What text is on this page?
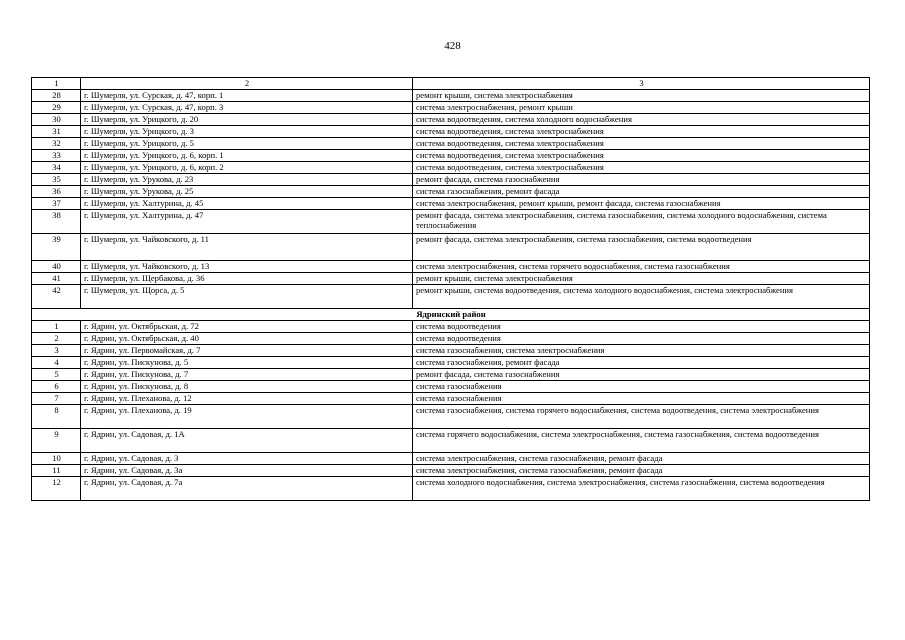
428
1	2	3
28	г. Шумерля, ул. Сурская, д. 47, корп. 1	ремонт крыши, система электроснабжения
29	г. Шумерля, ул. Сурская, д. 47, корп. 3	система электроснабжения, ремонт крыши
30	г. Шумерля, ул. Урицкого, д. 20	система водоотведения, система холодного водоснабжения
31	г. Шумерля, ул. Урицкого, д. 3	система водоотведения, система электроснабжения
32	г. Шумерля, ул. Урицкого, д. 5	система водоотведения, система электроснабжения
33	г. Шумерля, ул. Урицкого, д. 6, корп. 1	система водоотведения, система электроснабжения
34	г. Шумерля, ул. Урицкого, д. 6, корп. 2	система водоотведения, система электроснабжения
35	г. Шумерля, ул. Урукова, д. 23	ремонт фасада, система газоснабжения
36	г. Шумерля, ул. Урукова, д. 25	система газоснабжения, ремонт фасада
37	г. Шумерля, ул. Халтурина, д. 45	система электроснабжения, ремонт крыши, ремонт фасада, система газоснабжения
38	г. Шумерля, ул. Халтурина, д. 47	ремонт фасада, система электроснабжения, система газоснабжения, система холодного водоснабжения, система теплоснабжения
39	г. Шумерля, ул. Чайковского, д. 11	ремонт фасада, система электроснабжения, система газоснабжения, система водоотведения
40	г. Шумерля, ул. Чайковского, д. 13	система электроснабжения, система горячего водоснабжения, система газоснабжения
41	г. Шумерля, ул. Щербакова, д. 36	ремонт крыши, система электроснабжения
42	г. Шумерля, ул. Щорса, д. 5	ремонт крыши, система водоотведения, система холодного водоснабжения, система электроснабжения
Ядринский район		
1	г. Ядрин, ул. Октябрьская, д. 72	система водоотведения
2	г. Ядрин, ул. Октябрьская, д. 40	система водоотведения
3	г. Ядрин, ул. Первомайская, д. 7	система газоснабжения, система электроснабжения
4	г. Ядрин, ул. Пискунова, д. 5	система газоснабжения, ремонт фасада
5	г. Ядрин, ул. Пискунова, д. 7	ремонт фасада, система газоснабжения
6	г. Ядрин, ул. Пискунова, д. 8	система газоснабжения
7	г. Ядрин, ул. Плеханова, д. 12	система газоснабжения
8	г. Ядрин, ул. Плеханова, д. 19	система газоснабжения, система горячего водоснабжения, система водоотведения, система электроснабжения
9	г. Ядрин, ул. Садовая, д. 1А	система горячего водоснабжения, система электроснабжения, система газоснабжения, система водоотведения
10	г. Ядрин, ул. Садовая, д. 3	система электроснабжения, система газоснабжения, ремонт фасада
11	г. Ядрин, ул. Садовая, д. 3а	система электроснабжения, система газоснабжения, ремонт фасада
12	г. Ядрин, ул. Садовая, д. 7а	система холодного водоснабжения, система электроснабжения, система газоснабжения, система водоотведения
